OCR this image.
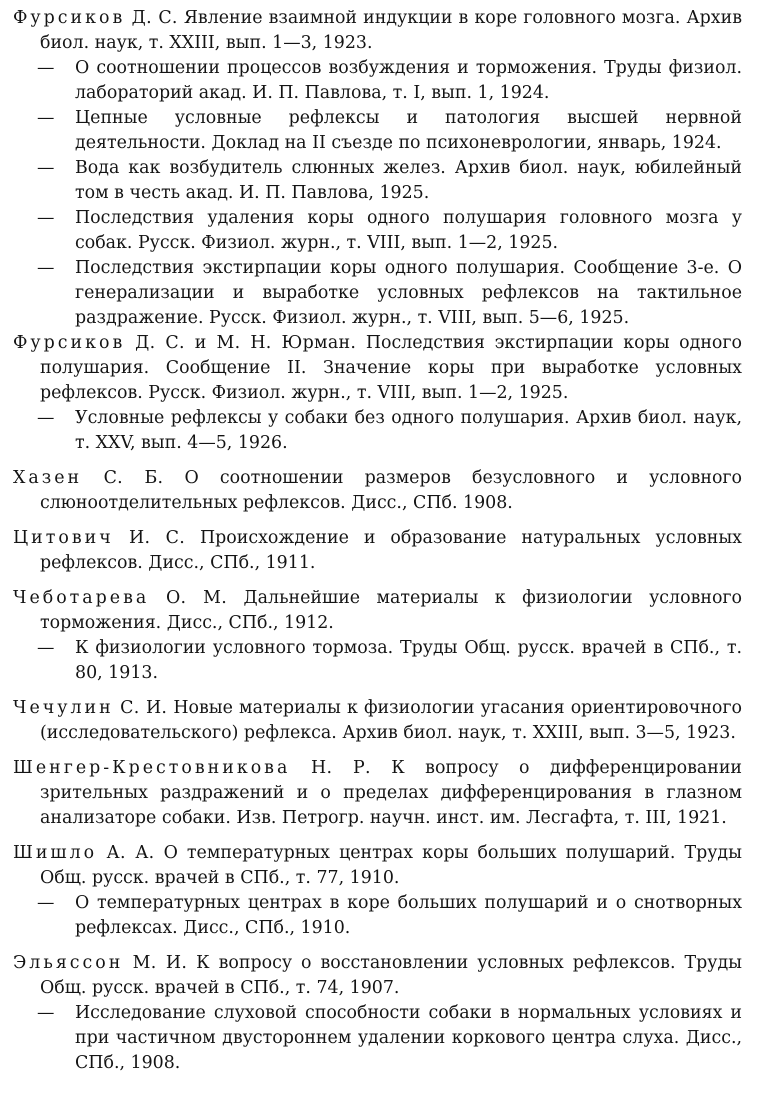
Фурсиков Д. С. Явление взаимной индукции в коре головного мозга. Архив биол. наук, т. XXIII, вып. 1—3, 1923.

— О соотношении процессов возбуждения и торможения. Труды физиол. лабораторий акад. И. П. Павлова, т. I, вып. 1, 1924.

— Цепные условные рефлексы и патология высшей нервной деятельности. Доклад на II съезде по психоневрологии, январь, 1924.

— Вода как возбудитель слюнных желез. Архив биол. наук, юбилейный том в честь акад. И. П. Павлова, 1925.

— Последствия удаления коры одного полушария головного мозга у собак. Русск. Физиол. журн., т. VIII, вып. 1—2, 1925.

— Последствия экстирпации коры одного полушария. Сообщение 3-е. О генерализации и выработке условных рефлексов на тактильное раздражение. Русск. Физиол. журн., т. VIII, вып. 5—6, 1925.

Фурсиков Д. С. и М. Н. Юрман. Последствия экстирпации коры одного полушария. Сообщение II. Значение коры при выработке условных рефлексов. Русск. Физиол. журн., т. VIII, вып. 1—2, 1925.

— Условные рефлексы у собаки без одного полушария. Архив биол. наук, т. XXV, вып. 4—5, 1926.

Хазен С. Б. О соотношении размеров безусловного и условного слюноотделительных рефлексов. Дисс., СПб. 1908.

Цитович И. С. Происхождение и образование натуральных условных рефлексов. Дисс., СПб., 1911.

Чеботарева О. М. Дальнейшие материалы к физиологии условного торможения. Дисс., СПб., 1912.

— К физиологии условного тормоза. Труды Общ. русск. врачей в СПб., т. 80, 1913.

Чечулин С. И. Новые материалы к физиологии угасания ориентировочного (исследовательского) рефлекса. Архив биол. наук, т. XXIII, вып. 3—5, 1923.

Шенгер-Крестовникова Н. Р. К вопросу о дифференцировании зрительных раздражений и о пределах дифференцирования в глазном анализаторе собаки. Изв. Петрогр. научн. инст. им. Лесгафта, т. III, 1921.

Шишло А. А. О температурных центрах коры больших полушарий. Труды Общ. русск. врачей в СПб., т. 77, 1910.

— О температурных центрах в коре больших полушарий и о снотворных рефлексах. Дисс., СПб., 1910.

Эльяссон М. И. К вопросу о восстановлении условных рефлексов. Труды Общ. русск. врачей в СПб., т. 74, 1907.

— Исследование слуховой способности собаки в нормальных условиях и при частичном двустороннем удалении коркового центра слуха. Дисс., СПб., 1908.
